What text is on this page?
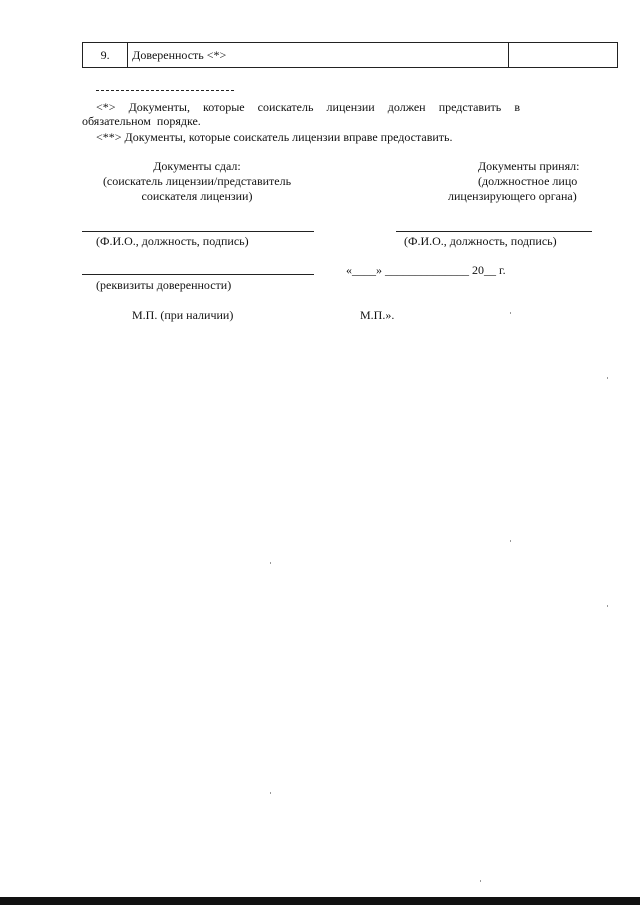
9.	Доверенность <*>	
<*> Документы, которые соискатель лицензии должен представить в обязательном порядке.
<**> Документы, которые соискатель лицензии вправе предоставить.
Документы сдал:
(соискатель лицензии/представитель
соискателя лицензии)
Документы принял:
(должностное лицо
лицензирующего органа)
(Ф.И.О., должность, подпись)	(Ф.И.О., должность, подпись)
«____» ______________ 20__ г.
(реквизиты доверенности)
М.П. (при наличии)	М.П.».
